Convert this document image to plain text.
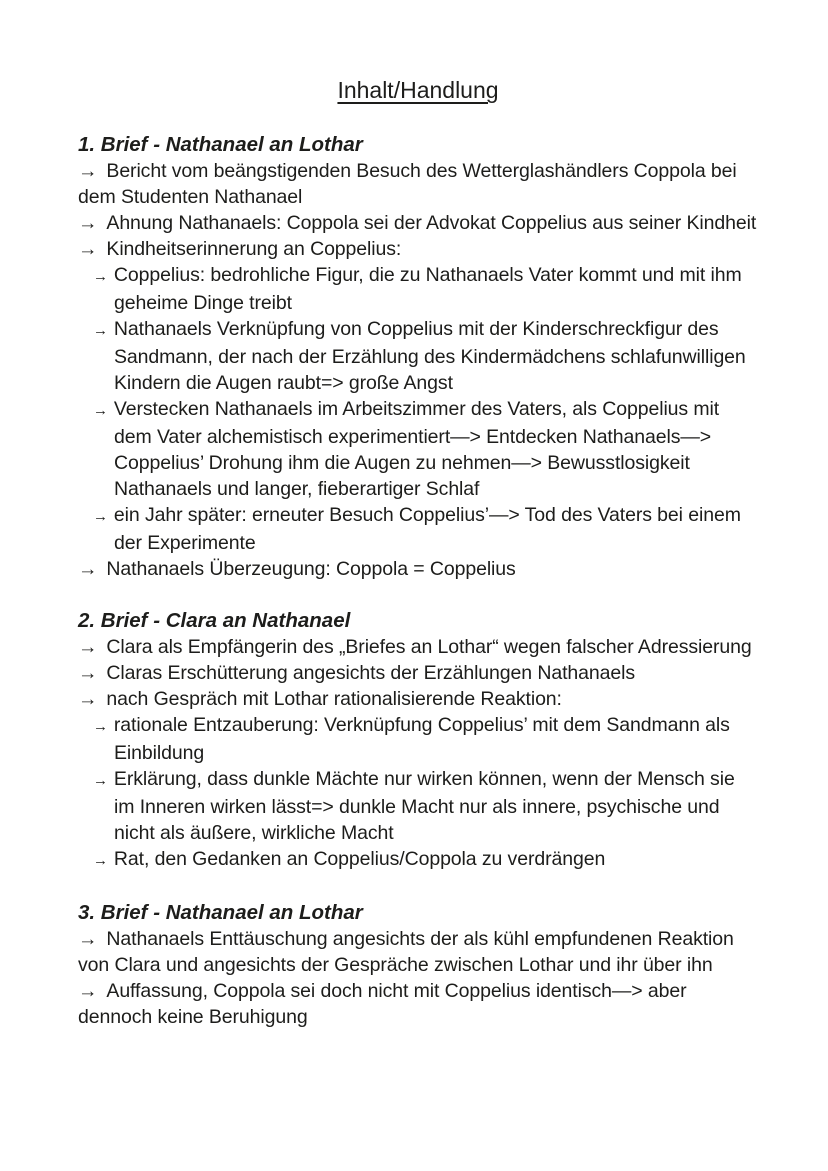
Inhalt/Handlung
1. Brief - Nathanael an Lothar

→ Bericht vom beängstigenden Besuch des Wetterglashändlers Coppola bei dem Studenten Nathanael

→ Ahnung Nathanaels: Coppola sei der Advokat Coppelius aus seiner Kindheit

→ Kindheitserinnerung an Coppelius:

→ Coppelius: bedrohliche Figur, die zu Nathanaels Vater kommt und mit ihm geheime Dinge treibt

→ Nathanaels Verknüpfung von Coppelius mit der Kinderschreckfigur des Sandmann, der nach der Erzählung des Kindermädchens schlafunwilligen Kindern die Augen raubt=> große Angst

→ Verstecken Nathanaels im Arbeitszimmer des Vaters, als Coppelius mit dem Vater alchemistisch experimentiert—> Entdecken Nathanaels—> Coppelius’ Drohung ihm die Augen zu nehmen—> Bewusstlosigkeit Nathanaels und langer, fieberartiger Schlaf

→ ein Jahr später: erneuter Besuch Coppelius’—> Tod des Vaters bei einem der Experimente

→ Nathanaels Überzeugung: Coppola = Coppelius

2. Brief - Clara an Nathanael

→ Clara als Empfängerin des „Briefes an Lothar“ wegen falscher Adressierung

→ Claras Erschütterung angesichts der Erzählungen Nathanaels

→ nach Gespräch mit Lothar rationalisierende Reaktion:

→ rationale Entzauberung: Verknüpfung Coppelius’ mit dem Sandmann als Einbildung

→ Erklärung, dass dunkle Mächte nur wirken können, wenn der Mensch sie im Inneren wirken lässt=> dunkle Macht nur als innere, psychische und nicht als äußere, wirkliche Macht

→ Rat, den Gedanken an Coppelius/Coppola zu verdrängen

3. Brief - Nathanael an Lothar

→ Nathanaels Enttäuschung angesichts der als kühl empfundenen Reaktion von Clara und angesichts der Gespräche zwischen Lothar und ihr über ihn

→ Auffassung, Coppola sei doch nicht mit Coppelius identisch—> aber dennoch keine Beruhigung
